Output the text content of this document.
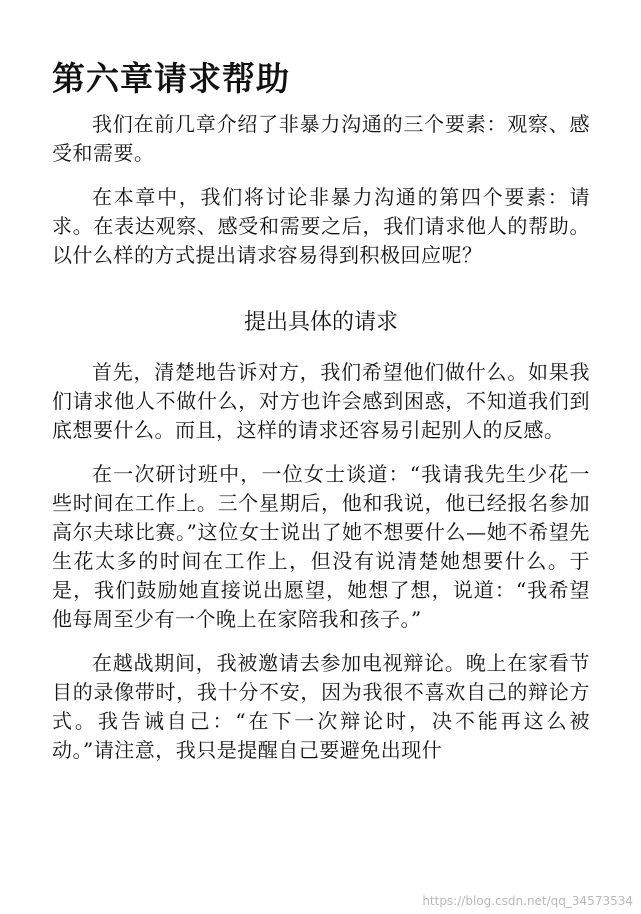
第六章请求帮助

我们在前几章介绍了非暴力沟通的三个要素：观察、感受和需要。

在本章中，我们将讨论非暴力沟通的第四个要素：请求。在表达观察、感受和需要之后，我们请求他人的帮助。以什么样的方式提出请求容易得到积极回应呢？

提出具体的请求

首先，清楚地告诉对方，我们希望他们做什么。如果我们请求他人不做什么，对方也许会感到困惑，不知道我们到底想要什么。而且，这样的请求还容易引起别人的反感。

在一次研讨班中，一位女士谈道：“我请我先生少花一些时间在工作上。三个星期后，他和我说，他已经报名参加高尔夫球比赛。”这位女士说出了她不想要什么—她不希望先生花太多的时间在工作上，但没有说清楚她想要什么。于是，我们鼓励她直接说出愿望，她想了想，说道：“我希望他每周至少有一个晚上在家陪我和孩子。”

在越战期间，我被邀请去参加电视辩论。晚上在家看节目的录像带时，我十分不安，因为我很不喜欢自己的辩论方式。我告诫自己：“在下一次辩论时，决不能再这么被动。”请注意，我只是提醒自己要避免出现什

https://blog.csdn.net/qq_34573534
